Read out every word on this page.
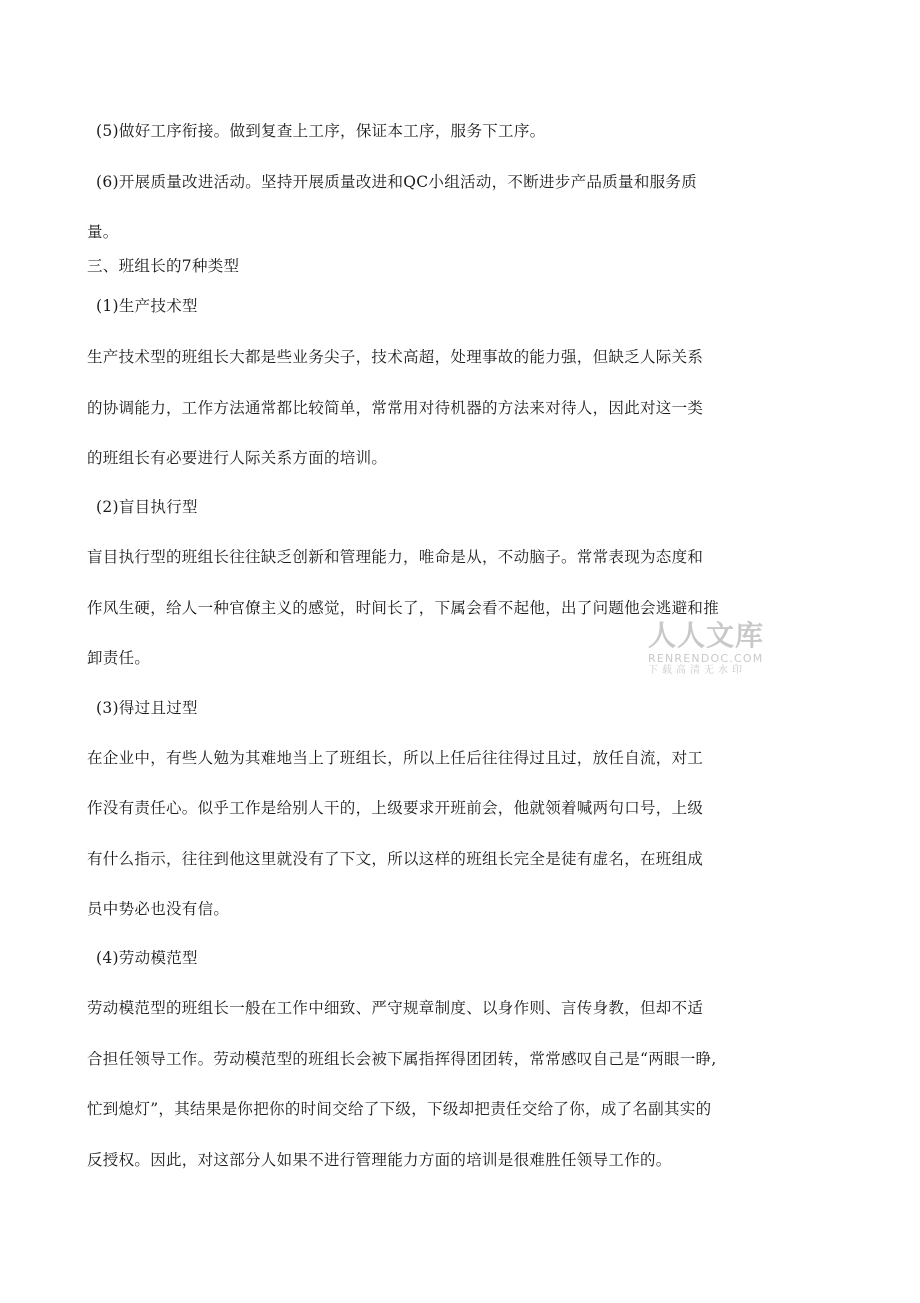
(5)做好工序衔接。做到复查上工序，保证本工序，服务下工序。
(6)开展质量改进活动。坚持开展质量改进和QC小组活动，不断进步产品质量和服务质
量。
三、班组长的7种类型
(1)生产技术型
生产技术型的班组长大都是些业务尖子，技术高超，处理事故的能力强，但缺乏人际关系
的协调能力，工作方法通常都比较简单，常常用对待机器的方法来对待人，因此对这一类
的班组长有必要进行人际关系方面的培训。
(2)盲目执行型
盲目执行型的班组长往往缺乏创新和管理能力，唯命是从，不动脑子。常常表现为态度和
作风生硬，给人一种官僚主义的感觉，时间长了，下属会看不起他，出了问题他会逃避和推
卸责任。
(3)得过且过型
在企业中，有些人勉为其难地当上了班组长，所以上任后往往得过且过，放任自流，对工
作没有责任心。似乎工作是给别人干的，上级要求开班前会，他就领着喊两句口号，上级
有什么指示，往往到他这里就没有了下文，所以这样的班组长完全是徒有虚名，在班组成
员中势必也没有信。
(4)劳动模范型
劳动模范型的班组长一般在工作中细致、严守规章制度、以身作则、言传身教，但却不适
合担任领导工作。劳动模范型的班组长会被下属指挥得团团转，常常感叹自己是“两眼一睁,
忙到熄灯”，其结果是你把你的时间交给了下级，下级却把责任交给了你，成了名副其实的
反授权。因此，对这部分人如果不进行管理能力方面的培训是很难胜任领导工作的。
人人文库
RENRENDOC.COM
下载高清无水印
